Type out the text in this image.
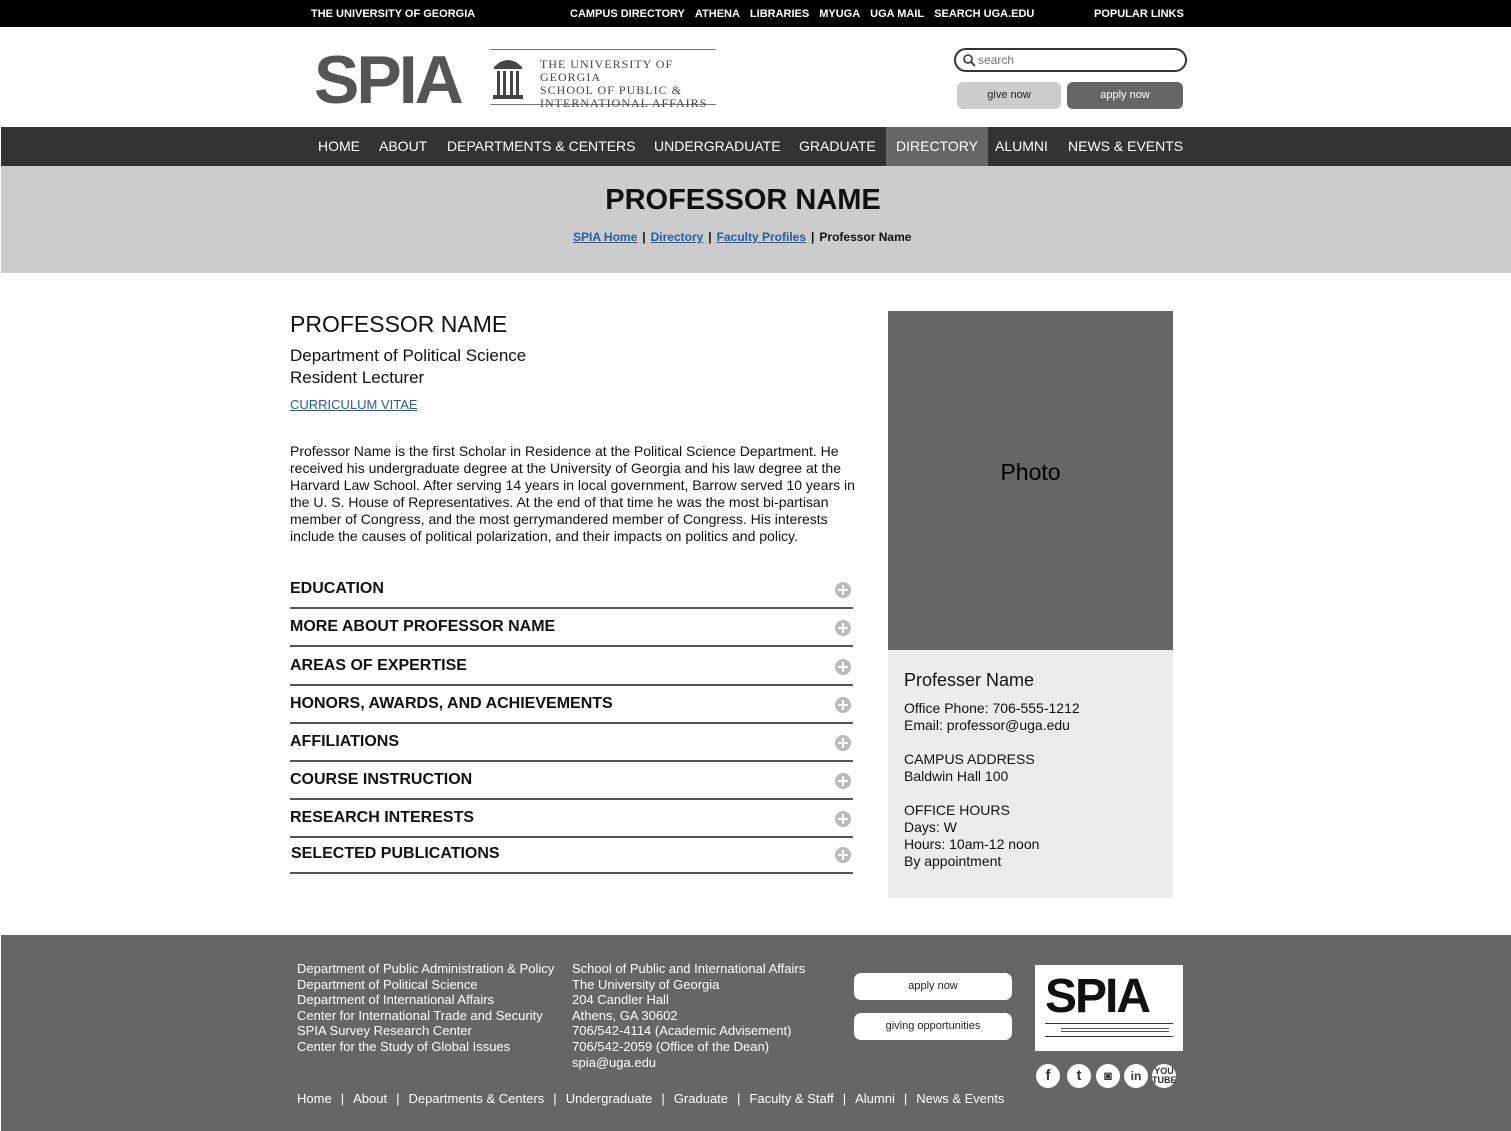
THE UNIVERSITY OF GEORGIA	CAMPUS DIRECTORY ATHENA LIBRARIES MYUGA UGA MAIL SEARCH UGA.EDU	POPULAR LINKS
SPIA	THE UNIVERSITY OF GEORGIA
SCHOOL OF PUBLIC &
INTERNATIONAL AFFAIRS
search
give now	apply now
HOME	ABOUT	DEPARTMENTS & CENTERS	UNDERGRADUATE	GRADUATE	DIRECTORY	ALUMNI	NEWS & EVENTS
PROFESSOR NAME
SPIA Home | Directory | Faculty Profiles | Professor Name
PROFESSOR NAME
Department of Political Science
Resident Lecturer
CURRICULUM VITAE

Professor Name is the first Scholar in Residence at the Political Science Department. He received his undergraduate degree at the University of Georgia and his law degree at the Harvard Law School. After serving 14 years in local government, Barrow served 10 years in the U. S. House of Representatives. At the end of that time he was the most bi-partisan member of Congress, and the most gerrymandered member of Congress. His interests include the causes of political polarization, and their impacts on politics and policy.

EDUCATION
MORE ABOUT PROFESSOR NAME
AREAS OF EXPERTISE
HONORS, AWARDS, AND ACHIEVEMENTS
AFFILIATIONS
COURSE INSTRUCTION
RESEARCH INTERESTS
SELECTED PUBLICATIONS
Photo
Professer Name
Office Phone: 706-555-1212
Email: professor@uga.edu
CAMPUS ADDRESS
Baldwin Hall 100
OFFICE HOURS
Days: W
Hours: 10am-12 noon
By appointment
Department of Public Administration & Policy
Department of Political Science
Department of International Affairs
Center for International Trade and Security
SPIA Survey Research Center
Center for the Study of Global Issues
School of Public and International Affairs
The University of Georgia
204 Candler Hall
Athens, GA 30602
706/542-4114 (Academic Advisement)
706/542-2059 (Office of the Dean)
spia@uga.edu
apply now
giving opportunities
SPIA
f	t	◙	in	YOU TUBE
Home | About | Departments & Centers | Undergraduate | Graduate | Faculty & Staff | Alumni | News & Events
